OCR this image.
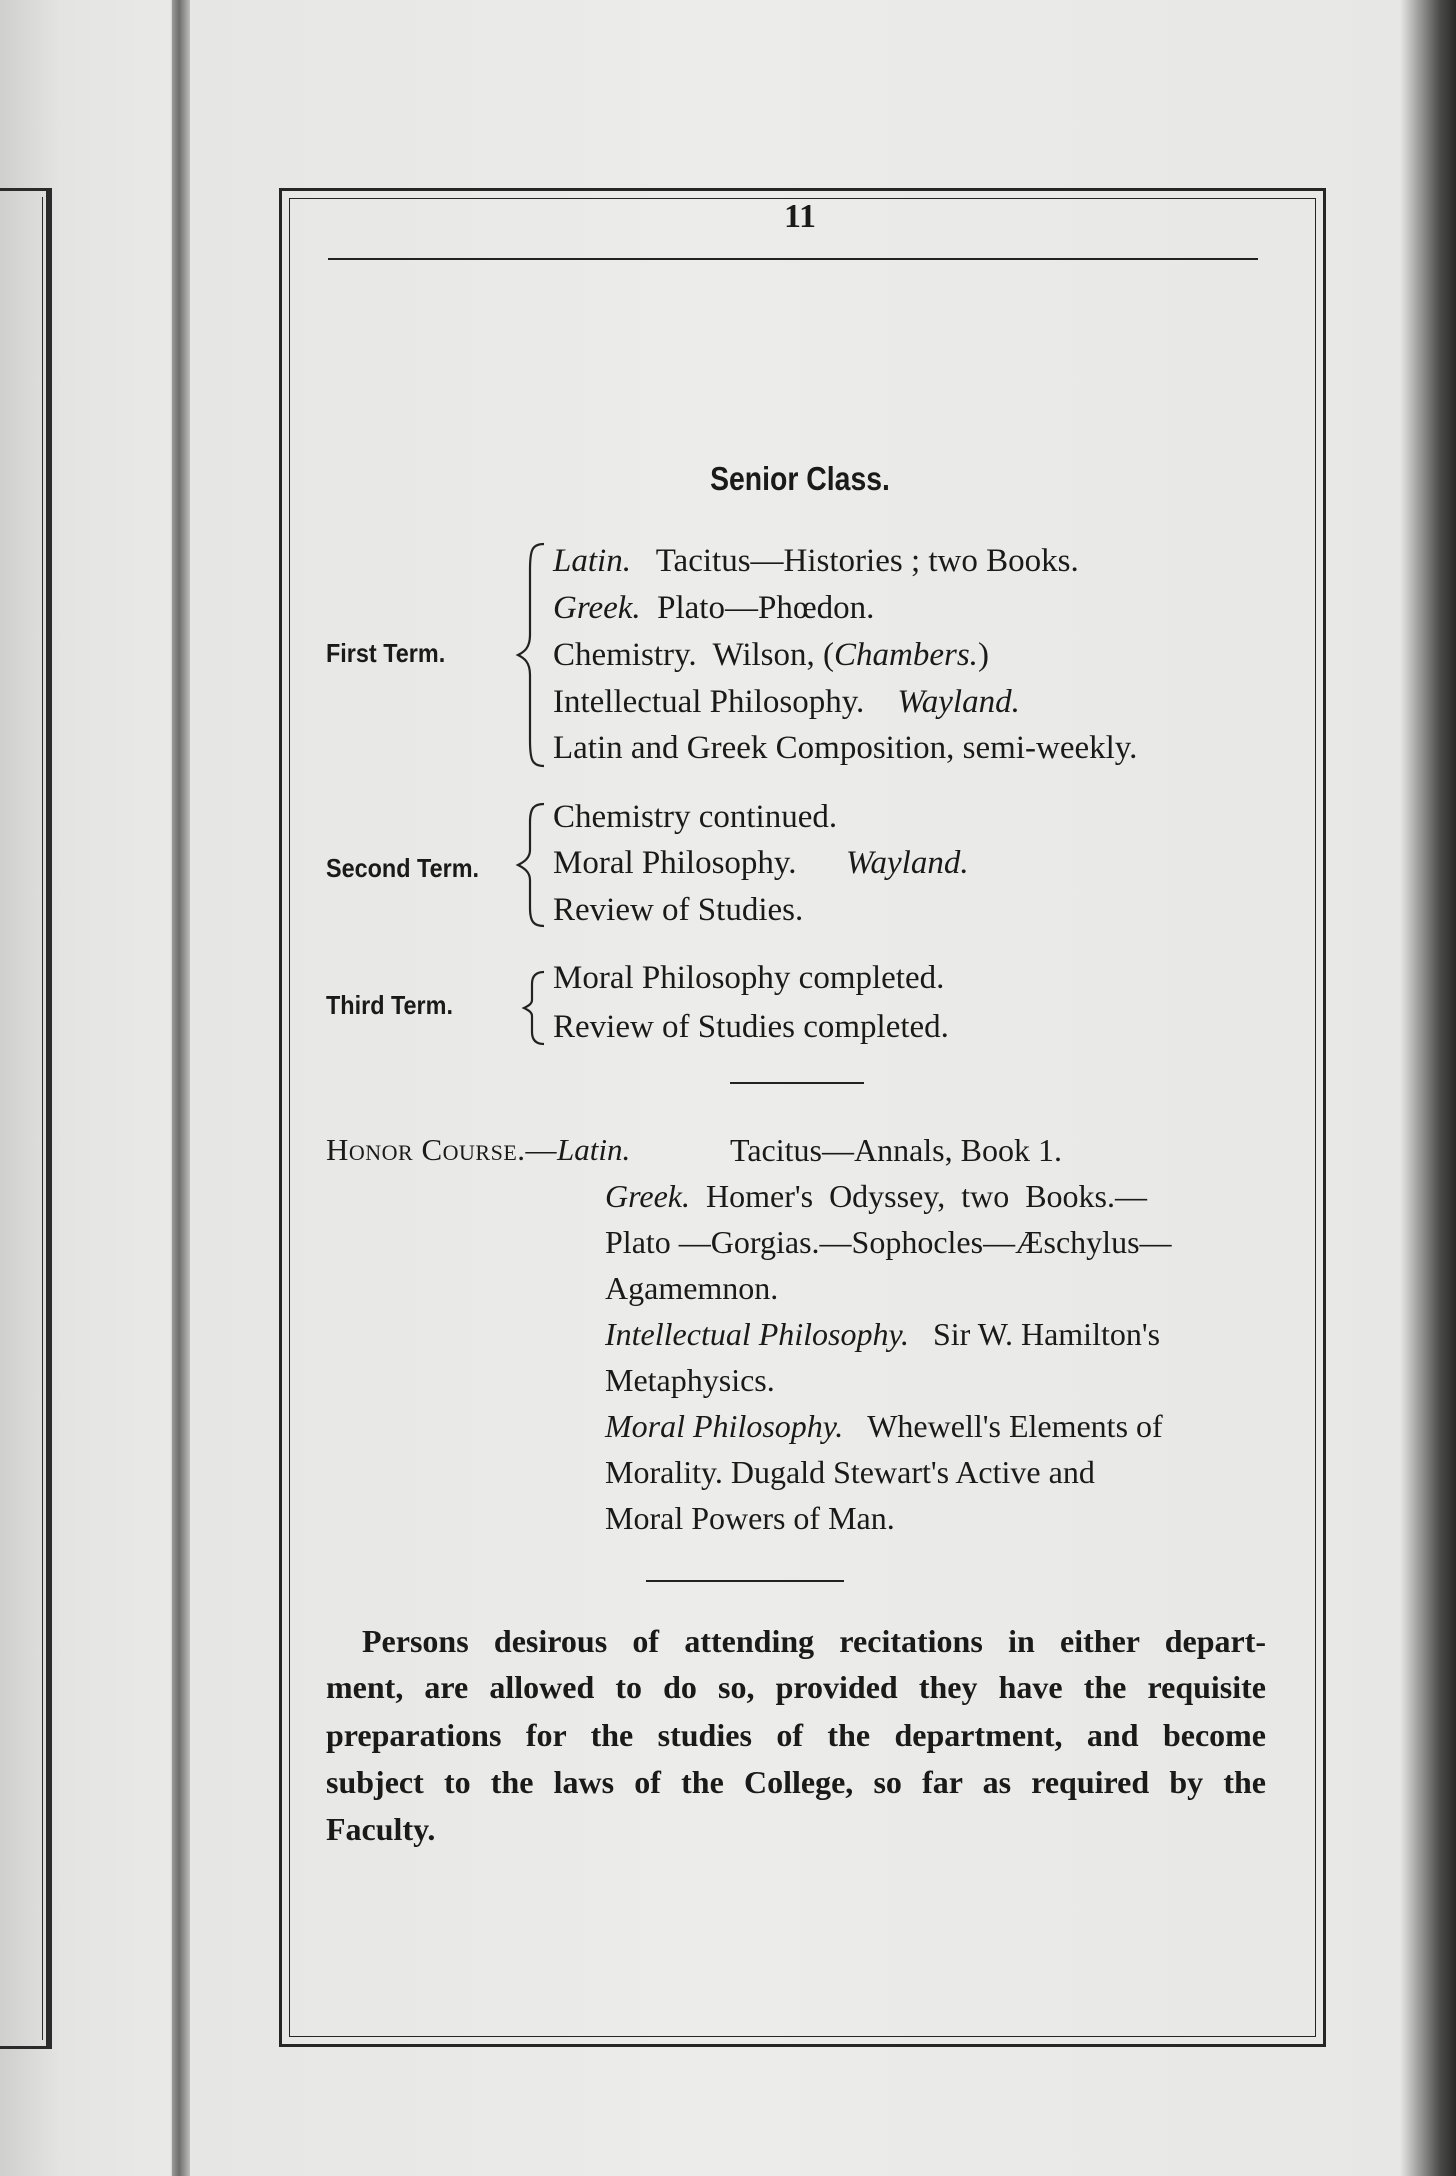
11
Senior Class.
First Term.
Latin. Tacitus—Histories ; two Books.
Greek. Plato—Phœdon.
Chemistry.  Wilson, (Chambers.)
Intellectual Philosophy.    Wayland.
Latin and Greek Composition, semi-weekly.
Second Term.
Chemistry continued.
Moral Philosophy.      Wayland.
Review of Studies.
Third Term.
Moral Philosophy completed.
Review of Studies completed.
Honor Course.—Latin.	Tacitus—Annals, Book 1.
Greek. Homer's  Odyssey,  two  Books.—
Plato —Gorgias.—Sophocles—Æschylus—
Agamemnon.
Intellectual Philosophy. Sir W. Hamilton's
Metaphysics.
Moral Philosophy. Whewell's Elements of
Morality. Dugald Stewart's Active and
Moral Powers of Man.
Persons desirous of attending recitations in either depart-
ment, are allowed to do so, provided they have the requisite
preparations for the studies of the department, and become
subject to the laws of the College, so far as required by the
Faculty.
